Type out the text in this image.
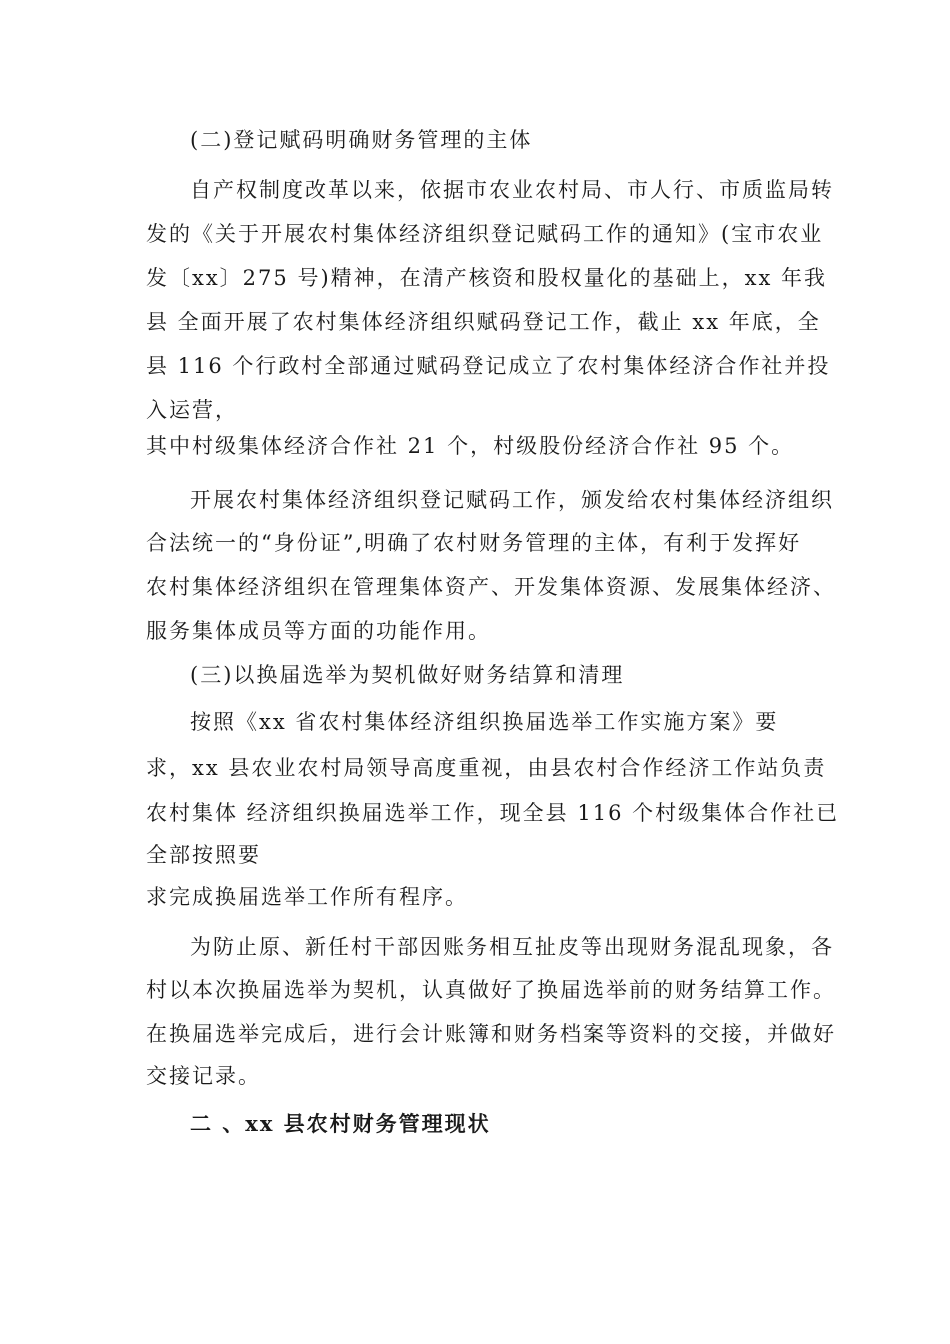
(二)登记赋码明确财务管理的主体
自产权制度改革以来，依据市农业农村局、市人行、市质监局转
发的《关于开展农村集体经济组织登记赋码工作的通知》(宝市农业
发〔xx〕275 号)精神，在清产核资和股权量化的基础上，xx 年我
县 全面开展了农村集体经济组织赋码登记工作，截止 xx 年底，全
县 116 个行政村全部通过赋码登记成立了农村集体经济合作社并投
入运营，
其中村级集体经济合作社 21 个，村级股份经济合作社 95 个。
开展农村集体经济组织登记赋码工作，颁发给农村集体经济组织
合法统一的“身份证”,明确了农村财务管理的主体，有利于发挥好
农村集体经济组织在管理集体资产、开发集体资源、发展集体经济、
服务集体成员等方面的功能作用。
(三)以换届选举为契机做好财务结算和清理
按照《xx 省农村集体经济组织换届选举工作实施方案》要
求，xx 县农业农村局领导高度重视，由县农村合作经济工作站负责
农村集体 经济组织换届选举工作，现全县 116 个村级集体合作社已
全部按照要
求完成换届选举工作所有程序。
为防止原、新任村干部因账务相互扯皮等出现财务混乱现象，各
村以本次换届选举为契机，认真做好了换届选举前的财务结算工作。
在换届选举完成后，进行会计账簿和财务档案等资料的交接，并做好
交接记录。
二 、xx 县农村财务管理现状
